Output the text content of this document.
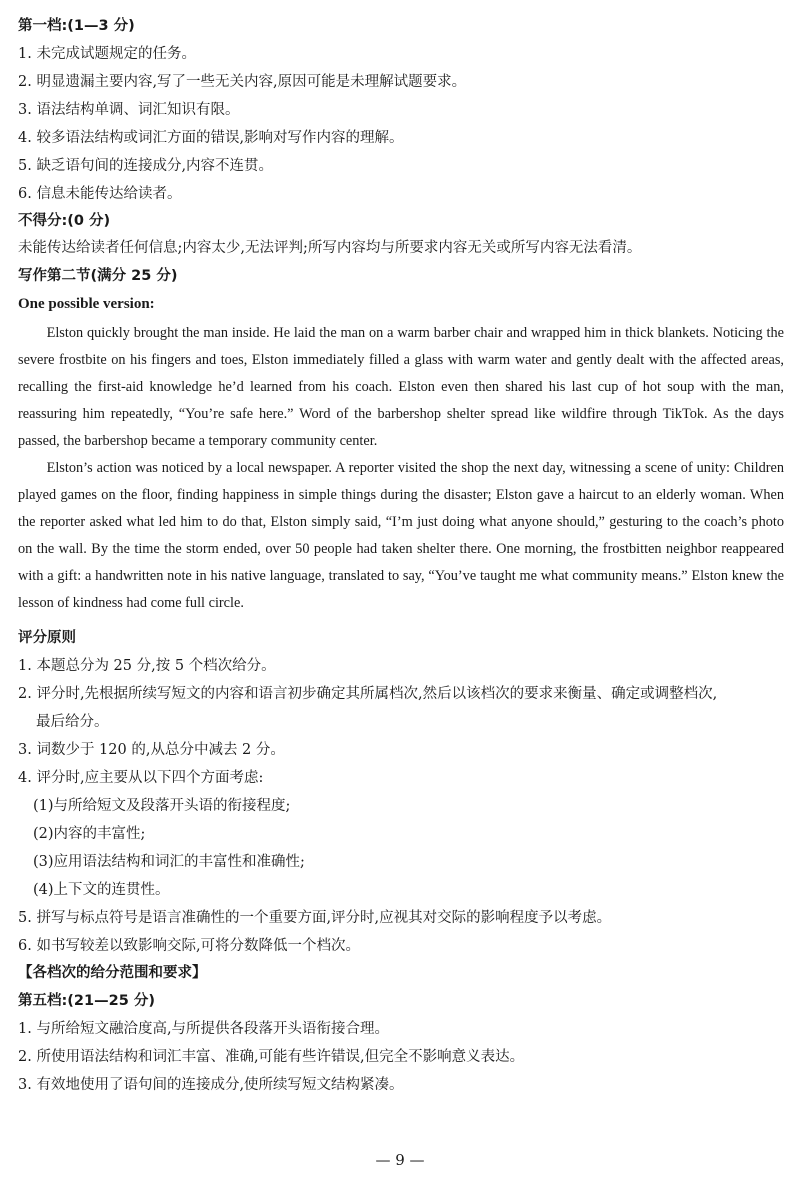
第一档:(1—3 分)
1. 未完成试题规定的任务。
2. 明显遗漏主要内容,写了一些无关内容,原因可能是未理解试题要求。
3. 语法结构单调、词汇知识有限。
4. 较多语法结构或词汇方面的错误,影响对写作内容的理解。
5. 缺乏语句间的连接成分,内容不连贯。
6. 信息未能传达给读者。
不得分:(0 分)
未能传达给读者任何信息;内容太少,无法评判;所写内容均与所要求内容无关或所写内容无法看清。
写作第二节(满分 25 分)
One possible version:

Elston quickly brought the man inside. He laid the man on a warm barber chair and wrapped him in thick blankets. Noticing the severe frostbite on his fingers and toes, Elston immediately filled a glass with warm water and gently dealt with the affected areas, recalling the first-aid knowledge he’d learned from his coach. Elston even then shared his last cup of hot soup with the man, reassuring him repeatedly, “You’re safe here.” Word of the barbershop shelter spread like wildfire through TikTok. As the days passed, the barbershop became a temporary community center.

Elston’s action was noticed by a local newspaper. A reporter visited the shop the next day, witnessing a scene of unity: Children played games on the floor, finding happiness in simple things during the disaster; Elston gave a haircut to an elderly woman. When the reporter asked what led him to do that, Elston simply said, “I’m just doing what anyone should,” gesturing to the coach’s photo on the wall. By the time the storm ended, over 50 people had taken shelter there. One morning, the frostbitten neighbor reappeared with a gift: a handwritten note in his native language, translated to say, “You’ve taught me what community means.” Elston knew the lesson of kindness had come full circle.

评分原则
1. 本题总分为 25 分,按 5 个档次给分。
2. 评分时,先根据所续写短文的内容和语言初步确定其所属档次,然后以该档次的要求来衡量、确定或调整档次,
最后给分。
3. 词数少于 120 的,从总分中减去 2 分。
4. 评分时,应主要从以下四个方面考虑:
(1)与所给短文及段落开头语的衔接程度;
(2)内容的丰富性;
(3)应用语法结构和词汇的丰富性和准确性;
(4)上下文的连贯性。
5. 拼写与标点符号是语言准确性的一个重要方面,评分时,应视其对交际的影响程度予以考虑。
6. 如书写较差以致影响交际,可将分数降低一个档次。
【各档次的给分范围和要求】
第五档:(21—25 分)
1. 与所给短文融洽度高,与所提供各段落开头语衔接合理。
2. 所使用语法结构和词汇丰富、准确,可能有些许错误,但完全不影响意义表达。
3. 有效地使用了语句间的连接成分,使所续写短文结构紧凑。
— 9 —
